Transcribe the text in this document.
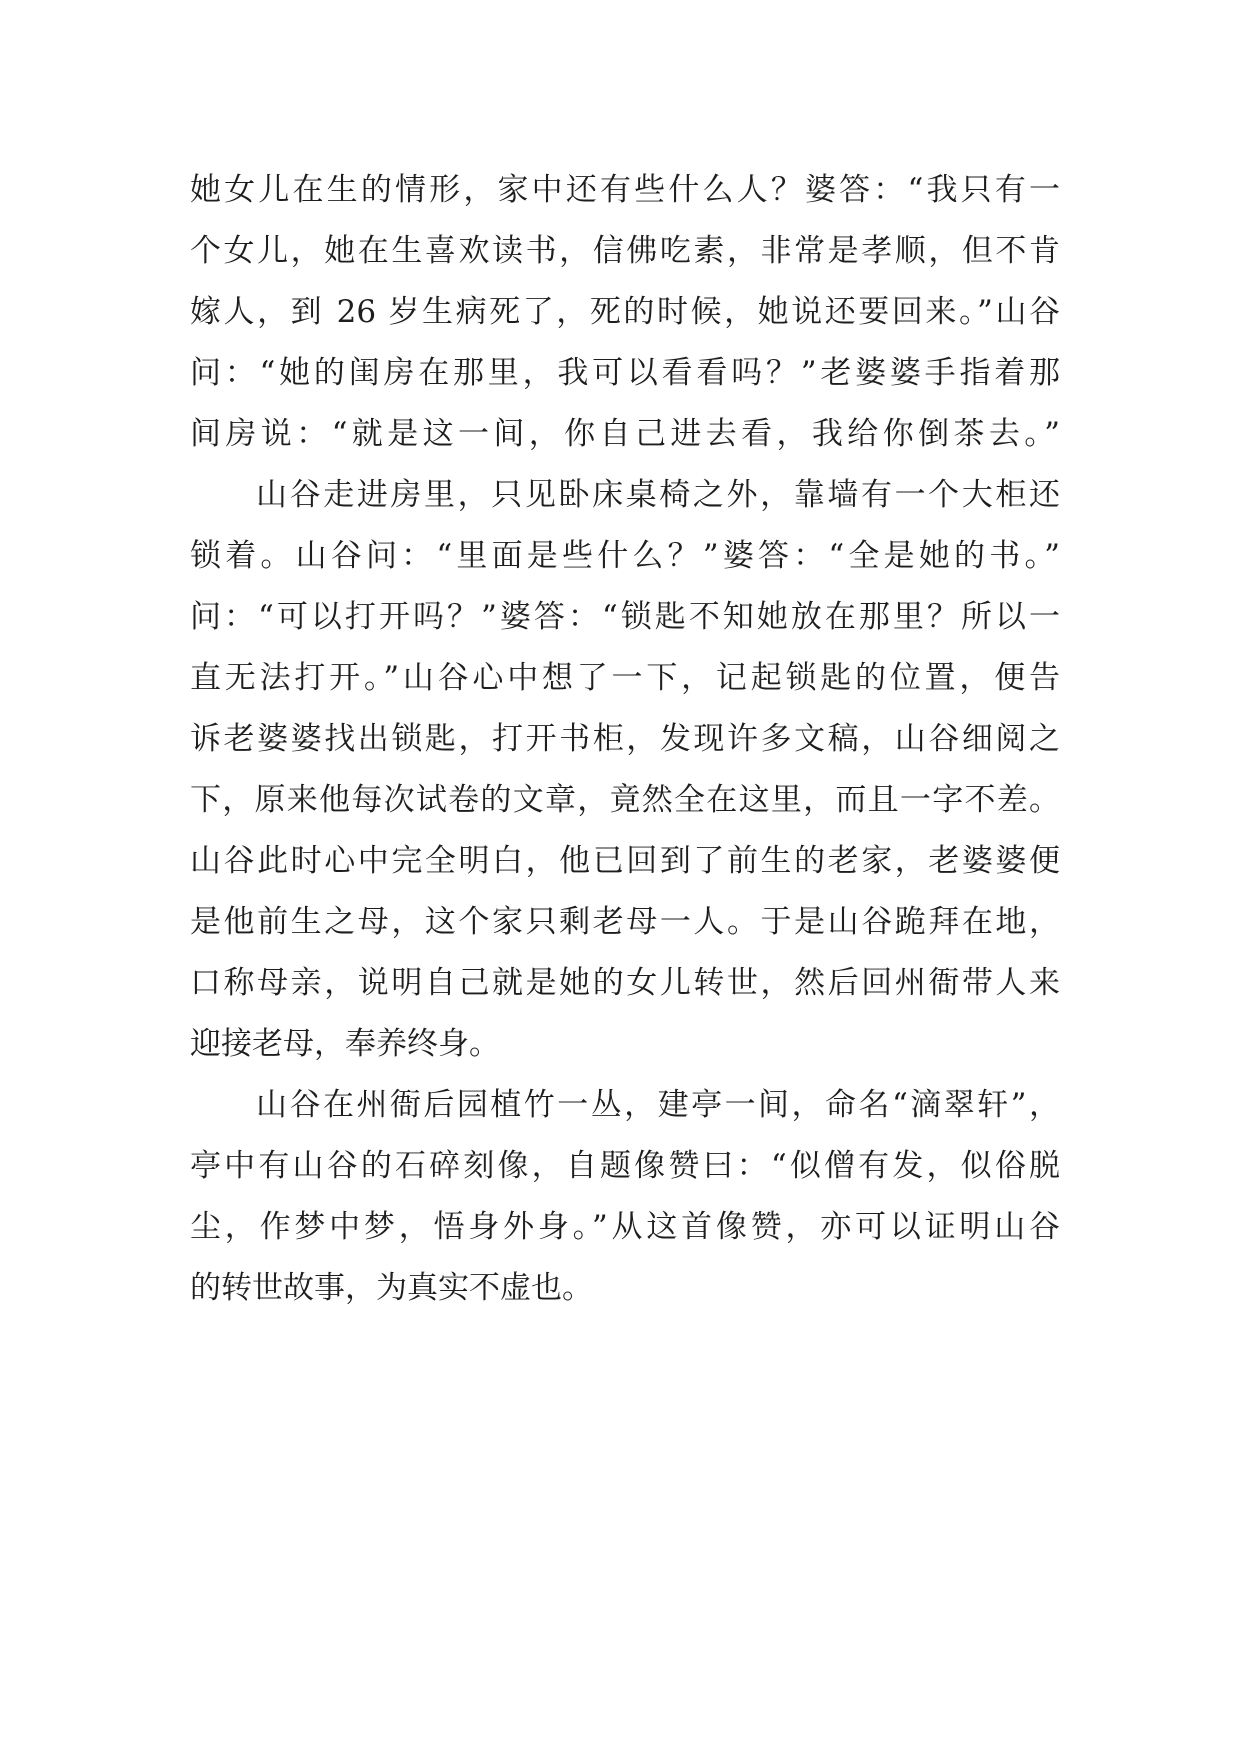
她女儿在生的情形，家中还有些什么人？婆答：“我只有一
个女儿，她在生喜欢读书，信佛吃素，非常是孝顺，但不肯
嫁人，到 26 岁生病死了，死的时候，她说还要回来。”山谷
问：“她的闺房在那里，我可以看看吗？”老婆婆手指着那
间房说：“就是这一间，你自己进去看，我给你倒茶去。”
山谷走进房里，只见卧床桌椅之外，靠墙有一个大柜还
锁着。山谷问：“里面是些什么？”婆答：“全是她的书。”
问：“可以打开吗？”婆答：“锁匙不知她放在那里？所以一
直无法打开。”山谷心中想了一下，记起锁匙的位置，便告
诉老婆婆找出锁匙，打开书柜，发现许多文稿，山谷细阅之
下，原来他每次试卷的文章，竟然全在这里，而且一字不差。
山谷此时心中完全明白，他已回到了前生的老家，老婆婆便
是他前生之母，这个家只剩老母一人。于是山谷跪拜在地，
口称母亲，说明自己就是她的女儿转世，然后回州衙带人来
迎接老母，奉养终身。
山谷在州衙后园植竹一丛，建亭一间，命名“滴翠轩”，
亭中有山谷的石碎刻像，自题像赞曰：“似僧有发，似俗脱
尘，作梦中梦，悟身外身。”从这首像赞，亦可以证明山谷
的转世故事，为真实不虚也。
